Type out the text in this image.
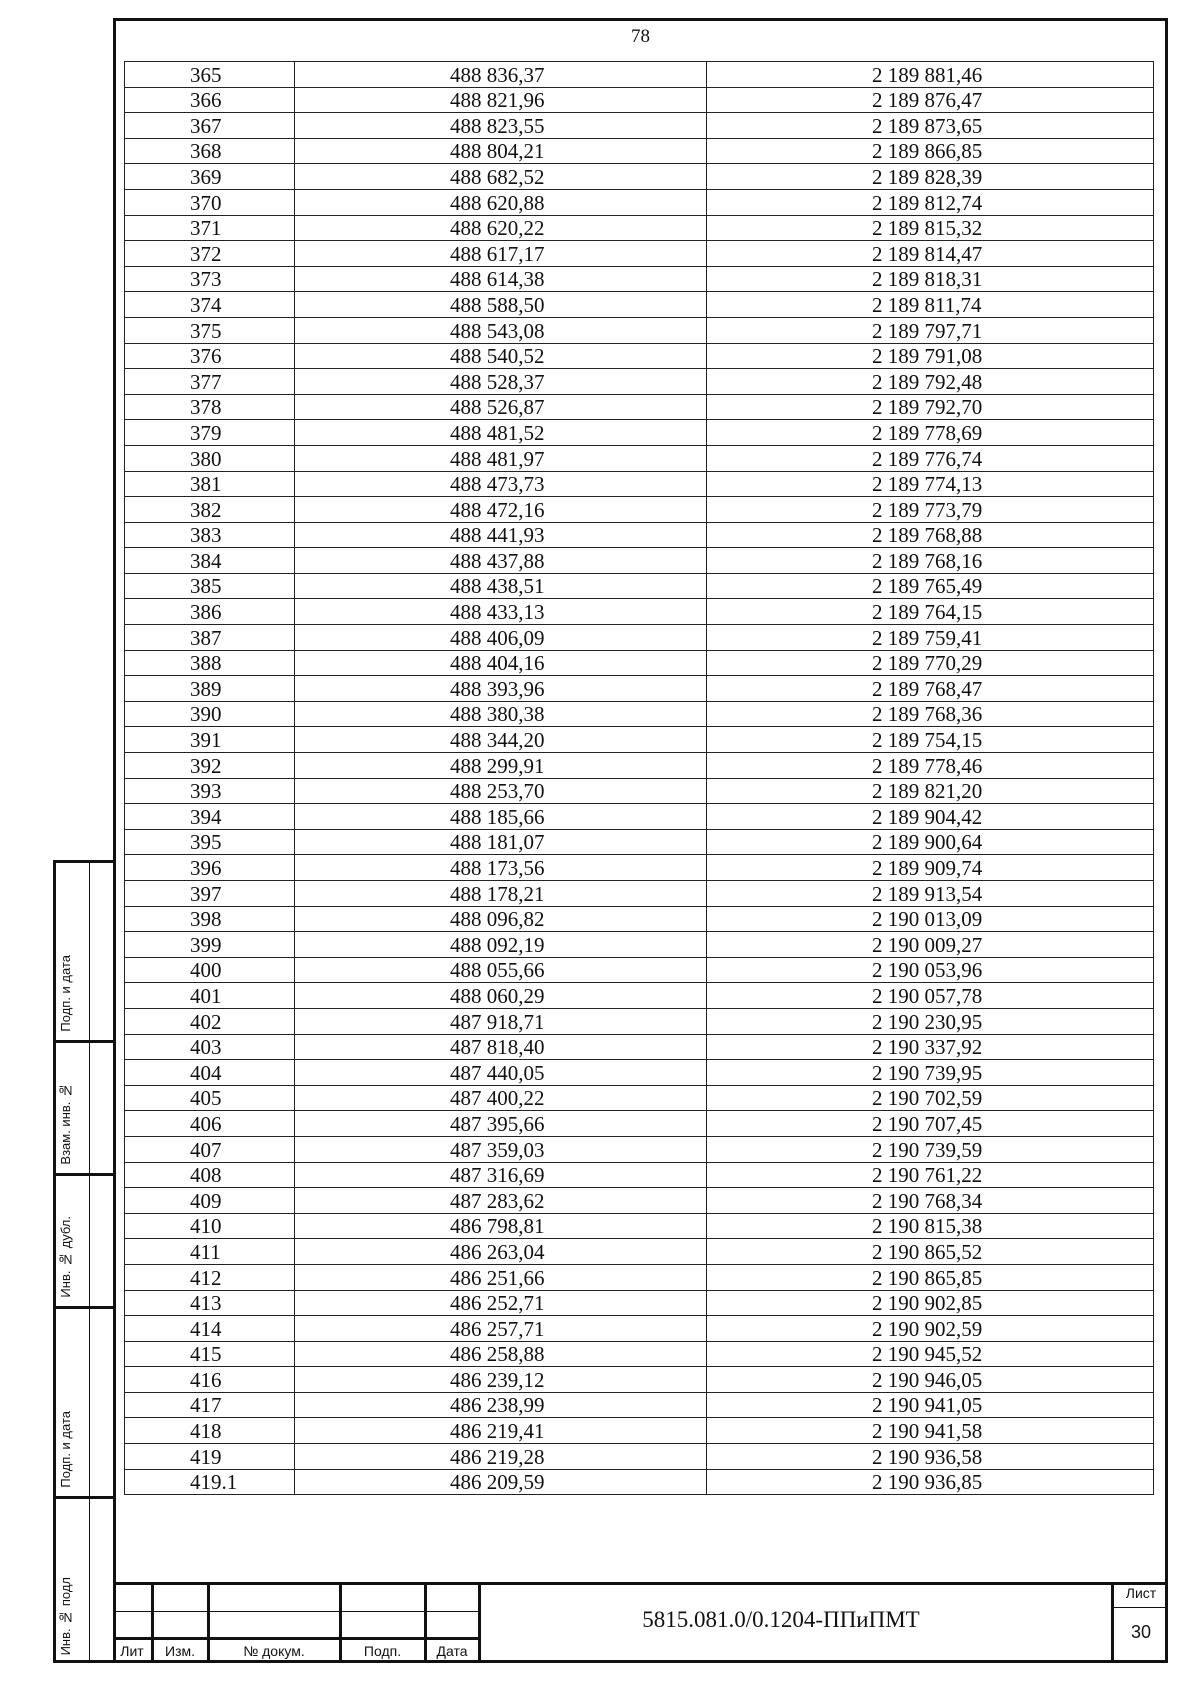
78
365	488 836,37	2 189 881,46
366	488 821,96	2 189 876,47
367	488 823,55	2 189 873,65
368	488 804,21	2 189 866,85
369	488 682,52	2 189 828,39
370	488 620,88	2 189 812,74
371	488 620,22	2 189 815,32
372	488 617,17	2 189 814,47
373	488 614,38	2 189 818,31
374	488 588,50	2 189 811,74
375	488 543,08	2 189 797,71
376	488 540,52	2 189 791,08
377	488 528,37	2 189 792,48
378	488 526,87	2 189 792,70
379	488 481,52	2 189 778,69
380	488 481,97	2 189 776,74
381	488 473,73	2 189 774,13
382	488 472,16	2 189 773,79
383	488 441,93	2 189 768,88
384	488 437,88	2 189 768,16
385	488 438,51	2 189 765,49
386	488 433,13	2 189 764,15
387	488 406,09	2 189 759,41
388	488 404,16	2 189 770,29
389	488 393,96	2 189 768,47
390	488 380,38	2 189 768,36
391	488 344,20	2 189 754,15
392	488 299,91	2 189 778,46
393	488 253,70	2 189 821,20
394	488 185,66	2 189 904,42
395	488 181,07	2 189 900,64
396	488 173,56	2 189 909,74
397	488 178,21	2 189 913,54
398	488 096,82	2 190 013,09
399	488 092,19	2 190 009,27
400	488 055,66	2 190 053,96
401	488 060,29	2 190 057,78
402	487 918,71	2 190 230,95
403	487 818,40	2 190 337,92
404	487 440,05	2 190 739,95
405	487 400,22	2 190 702,59
406	487 395,66	2 190 707,45
407	487 359,03	2 190 739,59
408	487 316,69	2 190 761,22
409	487 283,62	2 190 768,34
410	486 798,81	2 190 815,38
411	486 263,04	2 190 865,52
412	486 251,66	2 190 865,85
413	486 252,71	2 190 902,85
414	486 257,71	2 190 902,59
415	486 258,88	2 190 945,52
416	486 239,12	2 190 946,05
417	486 238,99	2 190 941,05
418	486 219,41	2 190 941,58
419	486 219,28	2 190 936,58
419.1	486 209,59	2 190 936,85
Подп. и дата
Взам. инв. №
Инв. № дубл.
Подп. и дата
Инв. № подл	Лит	Изм.	№ докум.	Подп.	Дата
5815.081.0/0.1204-ППиПМТ
Лист
30
